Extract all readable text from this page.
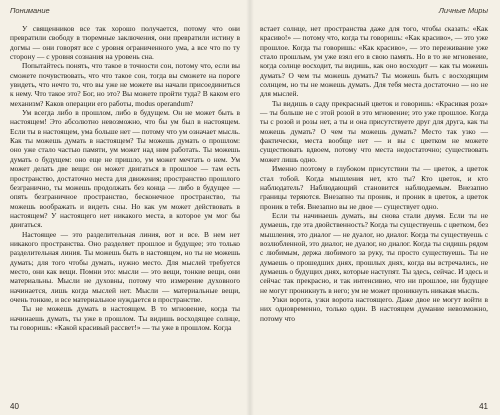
Понимание

У священников все так хорошо получается, потому что они превратили свободу в тюремные заключения, они превратили истину в догмы — они говорят все с уровня ограниченного ума, а все что по ту сторону — с уровня сознания на уровень сна.

Попытайтесь понять, что такое в точности сон, потому что, если вы сможете почувствовать, что что такое сон, тогда вы сможете на пороге увидеть, что нечто то, что вы уже не можете вы начали присоединиться к нему. Что такое это? Бог, но это? Вы можете пройти туда? В каком его механизм? Каков операции его работы, modus operandum?

Ум всегда либо в прошлом, либо в будущем. Он не может быть в настоящем! Это абсолютно невозможно, что бы ум был в настоящем. Если ты в настоящем, ума больше нет — потому что ум означает мысль. Как ты можешь думать в настоящем? Ты можешь думать о прошлом: оно уже стало частью памяти, ум может над ним работать. Ты можешь думать о будущем: оно еще не пришло, ум может мечтать о нем. Ум может делать две вещи: он может двигаться в прошлое — там есть пространство, достаточно места для движения; пространство прошлого безгранично, ты можешь продолжать без конца — либо в будущее — опять безграничное пространство, бесконечное пространство, ты можешь воображать и видеть сны. Но как ум может действовать в настоящем? У настоящего нет никакого места, в которое ум мог бы двигаться.

Настоящее — это разделительная линия, вот и все. В нем нет никакого пространства. Оно разделяет прошлое и будущее; это только разделительная линия. Ты можешь быть в настоящем, но ты не можешь думать; для того чтобы думать, нужно место. Для мыслей требуется место, они как вещи. Помни это: мысли — это вещи, тонкие вещи, они материальны. Мысли не духовны, потому что измерение духовного начинается, лишь когда мыслей нет. Мысли — материальные вещи, очень тонкие, и все материальное нуждается в пространстве.

Ты не можешь думать в настоящем. В то мгновение, когда ты начинаешь думать, ты уже в прошлом. Ты видишь восходящее солнце, ты говоришь: «Какой красивый рассвет!» — ты уже в прошлом. Когда

40
Личные Миры

встает солнце, нет пространства даже для того, чтобы сказать: «Как красиво!» — потому что, когда ты говоришь: «Как красиво», — это уже прошлое. Когда ты говоришь: «Как красиво», — это переживание уже стало прошлым, ум уже взял его в свою память. Но в то же мгновение, когда солнце восходит, ты видишь, как оно восходит — как ты можешь думать? О чем ты можешь думать? Ты можешь быть с восходящим солнцем, но ты не можешь думать. Для тебя места достаточно — но не для мыслей.

Ты видишь в саду прекрасный цветок и говоришь: «Красивая роза» — ты больше не с этой розой в это мгновение; это уже прошлое. Когда ты с розой и розы нет, а ты и она присутствуете друг для друга, как ты можешь думать? О чем ты можешь думать? Место так узко — фактически, места вообще нет — и вы с цветком не можете существовать вдвоем, потому что места недостаточно; существовать может лишь одно.

Именно поэтому в глубоком присутствии ты — цветок, а цветок стал тобой. Когда мышления нет, кто ты? Кто цветок, и кто наблюдатель? Наблюдающий становится наблюдаемым. Внезапно границы теряются. Внезапно ты проник, и проник в цветок, а цветок проник в тебя. Внезапно вы не двое — существует одно.

Если ты начинаешь думать, вы снова стали двумя. Если ты не думаешь, где эта двойственность? Когда ты существуешь с цветком, без мышления, это диалог — не дуалог, но диалог. Когда ты существуешь с возлюбленной, это диалог, не дуалог, но диалог. Когда ты сидишь рядом с любимым, держа любимого за руку, ты просто существуешь. Ты не думаешь о прошедших днях, прошлых днях, когда вы встречались, не думаешь о будущих днях, которые наступят. Ты здесь, сейчас. И здесь и сейчас так прекрасно, и так интенсивно, что ни прошлое, ни будущее не могут проникнуть в него; ум не может проникнуть никакая мысль.

Узки ворота, узки ворота настоящего. Даже двое не могут войти в них одновременно, только один. В настоящем думание невозможно, потому что

41
